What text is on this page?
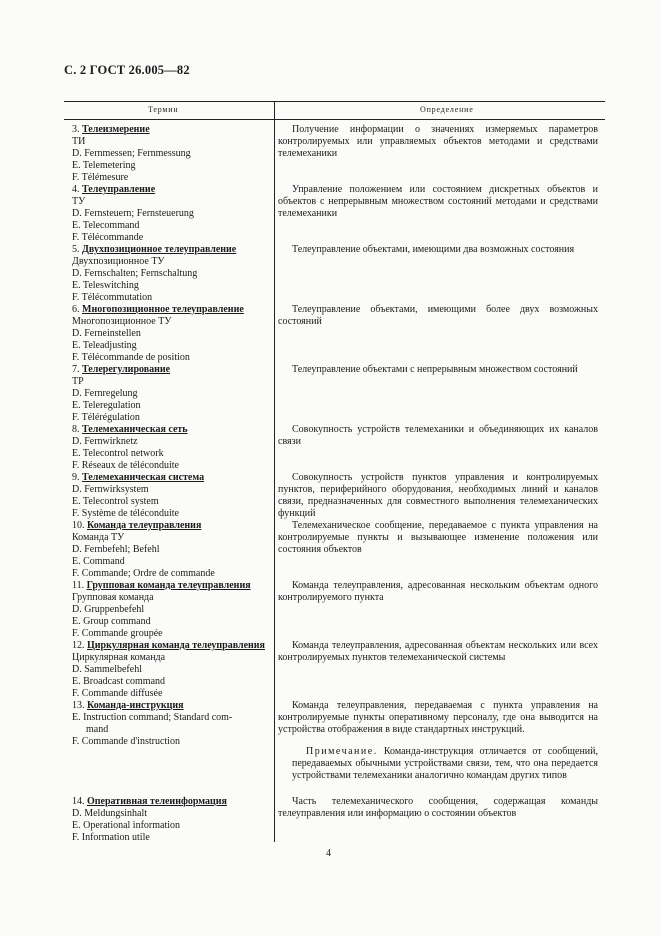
С. 2 ГОСТ 26.005—82
Термин	Определение
3. Телеизмерение
ТИ
D. Fernmessen; Fernmessung
E. Telemetering
F. Télémesure
4. Телеуправление
ТУ
D. Fernsteuern; Fernsteuerung
E. Telecommand
F. Télécommande
5. Двухпозиционное телеуправление
Двухпозиционное ТУ
D. Fernschalten; Fernschaltung
E. Teleswitching
F. Télécommutation
6. Многопозиционное телеуправление
Многопозиционное ТУ
D. Ferneinstellen
E. Teleadjusting
F. Télécommande de position
7. Телерегулирование
ТР
D. Fernregelung
E. Teleregulation
F. Télérégulation
8. Телемеханическая сеть
D. Fernwirknetz
E. Telecontrol network
F. Réseaux de téléconduite
9. Телемеханическая система
D. Fernwirksystem
E. Telecontrol system
F. Système de téléconduite
10. Команда телеуправления
Команда ТУ
D. Fernbefehl; Befehl
E. Command
F. Commande; Ordre de commande
11. Групповая команда телеуправления
Групповая команда
D. Gruppenbefehl
E. Group command
F. Commande groupée
12. Циркулярная команда телеуправления
Циркулярная команда
D. Sammelbefehl
E. Broadcast command
F. Commande diffusée
13. Команда-инструкция
E. Instruction command; Standard com-
mand
F. Commande d'instruction
14. Оперативная телеинформация
D. Meldungsinhalt
E. Operational information
F. Information utile
Получение информации о значениях измеряемых параметров контролируемых или управляемых объектов методами и средствами телемеханики
Управление положением или состоянием дискретных объектов и объектов с непрерывным множеством состояний методами и средствами телемеханики
Телеуправление объектами, имеющими два возможных состояния
Телеуправление объектами, имеющими более двух возможных состояний
Телеуправление объектами с непрерывным множеством состояний
Совокупность устройств телемеханики и объединяющих их каналов связи
Совокупность устройств пунктов управления и контролируемых пунктов, периферийного оборудования, необходимых линий и каналов связи, предназначенных для совместного выполнения телемеханических функций
Телемеханическое сообщение, передаваемое с пункта управления на контролируемые пункты и вызывающее изменение положения или состояния объектов
Команда телеуправления, адресованная нескольким объектам одного контролируемого пункта
Команда телеуправления, адресованная объектам нескольких или всех контролируемых пунктов телемеханической системы
Команда телеуправления, передаваемая с пункта управления на контролируемые пункты оперативному персоналу, где она выводится на устройства отображения в виде стандартных инструкций.
Примечание. Команда-инструкция отличается от сообщений, передаваемых обычными устройствами связи, тем, что она передается устройствами телемеханики аналогично командам других типов
Часть телемеханического сообщения, содержащая команды телеуправления или информацию о состоянии объектов
4
